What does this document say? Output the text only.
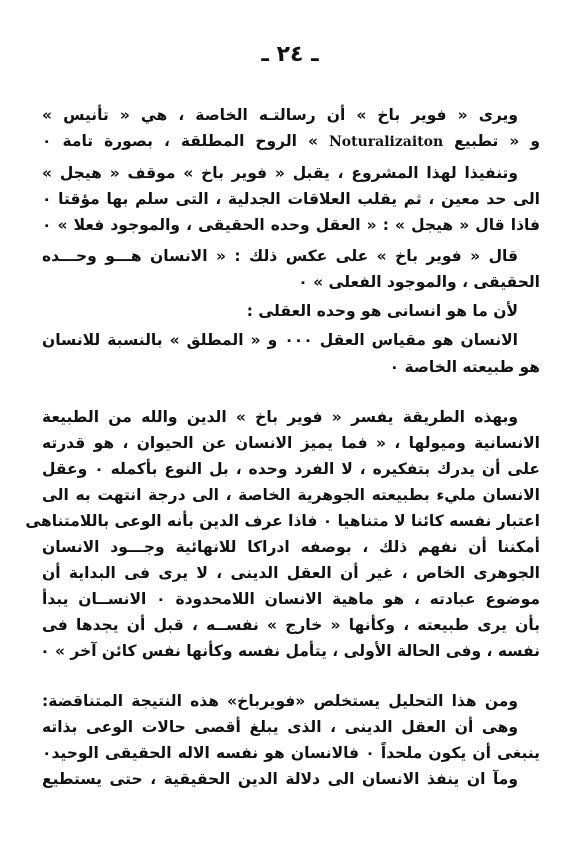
ـ ٢٤ ـ
ويرى « فوير باخ » أن رسالتـه الخاصة ، هي « تأنيس »
و « تطبيع Noturalizaiton » الروح المطلقة ، بصورة تامة ٠
وتنفيذا لهذا المشروع ، يقبل « فوير باخ » موقف « هيجل »
الى حد معين ، ثم يقلب العلاقات الجدلية ، التى سلم بها مؤقتا ٠
فاذا قال « هيجل » : « العقل وحده الحقيقى ، والموجود فعلا » ٠
قال « فوير باخ » على عكس ذلك : « الانسان هـــو وحـــده
الحقيقى ، والموجود الفعلى » ٠
لأن ما هو انسانى هو وحده العقلى :
الانسان هو مقياس العقل ٠٠٠ و « المطلق » بالنسبة للانسان
هو طبيعته الخاصة ٠
وبهذه الطريقة يفسر « فوير باخ » الدين والله من الطبيعة
الانسانية وميولها ، « فما يميز الانسان عن الحيوان ، هو قدرته
على أن يدرك بتفكيره ، لا الفرد وحده ، بل النوع بأكمله ٠ وعقل
الانسان مليء بطبيعته الجوهرية الخاصة ، الى درجة انتهت به الى
اعتبار نفسه كائنا لا متناهيا ٠ فاذا عرف الدين بأنه الوعى باللامتناهى
أمكننا أن نفهم ذلك ، بوصفه ادراكا للانهائية وجـــود الانسان
الجوهرى الخاص ، غير أن العقل الدينى ، لا يرى فى البداية أن
موضوع عبادته ، هو ماهية الانسان اللامحدودة ٠ الانســان يبدأ
بأن يرى طبيعته ، وكأنها « خارج » نفســه ، قبل أن يجدها فى
نفسه ، وفى الحالة الأولى ، يتأمل نفسه وكأنها نفس كائن آخر » ٠
ومن هذا التحليل يستخلص «فويرباخ» هذه النتيجة المتناقضة:
وهى أن العقل الدينى ، الذى يبلغ أقصى حالات الوعى بذاته
ينبغى أن يكون ملحداً ٠ فالانسان هو نفسه الاله الحقيقى الوحيد٠
ومآ ان ينفذ الانسان الى دلالة الدين الحقيقية ، حتى يستطيع
